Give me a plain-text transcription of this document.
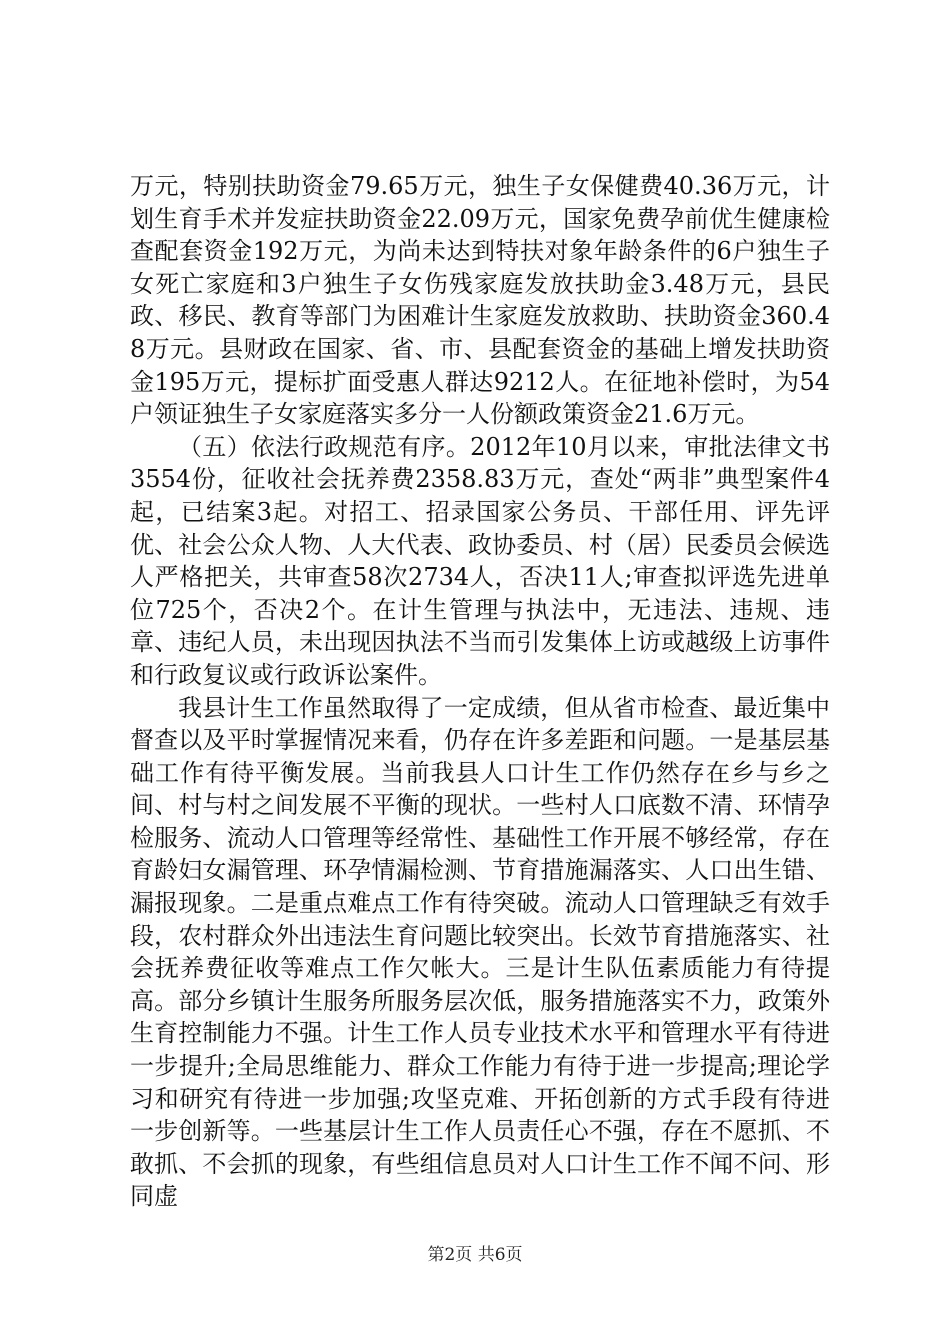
万元，特别扶助资金79.65万元，独生子女保健费40.36万元，计划生育手术并发症扶助资金22.09万元，国家免费孕前优生健康检查配套资金192万元，为尚未达到特扶对象年龄条件的6户独生子女死亡家庭和3户独生子女伤残家庭发放扶助金3.48万元，县民政、移民、教育等部门为困难计生家庭发放救助、扶助资金360.48万元。县财政在国家、省、市、县配套资金的基础上增发扶助资金195万元，提标扩面受惠人群达9212人。在征地补偿时，为54户领证独生子女家庭落实多分一人份额政策资金21.6万元。

（五）依法行政规范有序。2012年10月以来，审批法律文书3554份，征收社会抚养费2358.83万元，查处“两非”典型案件4起，已结案3起。对招工、招录国家公务员、干部任用、评先评优、社会公众人物、人大代表、政协委员、村（居）民委员会候选人严格把关，共审查58次2734人，否决11人;审查拟评选先进单位725个，否决2个。在计生管理与执法中，无违法、违规、违章、违纪人员，未出现因执法不当而引发集体上访或越级上访事件和行政复议或行政诉讼案件。

我县计生工作虽然取得了一定成绩，但从省市检查、最近集中督查以及平时掌握情况来看，仍存在许多差距和问题。一是基层基础工作有待平衡发展。当前我县人口计生工作仍然存在乡与乡之间、村与村之间发展不平衡的现状。一些村人口底数不清、环情孕检服务、流动人口管理等经常性、基础性工作开展不够经常，存在育龄妇女漏管理、环孕情漏检测、节育措施漏落实、人口出生错、漏报现象。二是重点难点工作有待突破。流动人口管理缺乏有效手段，农村群众外出违法生育问题比较突出。长效节育措施落实、社会抚养费征收等难点工作欠帐大。三是计生队伍素质能力有待提高。部分乡镇计生服务所服务层次低，服务措施落实不力，政策外生育控制能力不强。计生工作人员专业技术水平和管理水平有待进一步提升;全局思维能力、群众工作能力有待于进一步提高;理论学习和研究有待进一步加强;攻坚克难、开拓创新的方式手段有待进一步创新等。一些基层计生工作人员责任心不强，存在不愿抓、不敢抓、不会抓的现象，有些组信息员对人口计生工作不闻不问、形同虚

第2页 共6页
